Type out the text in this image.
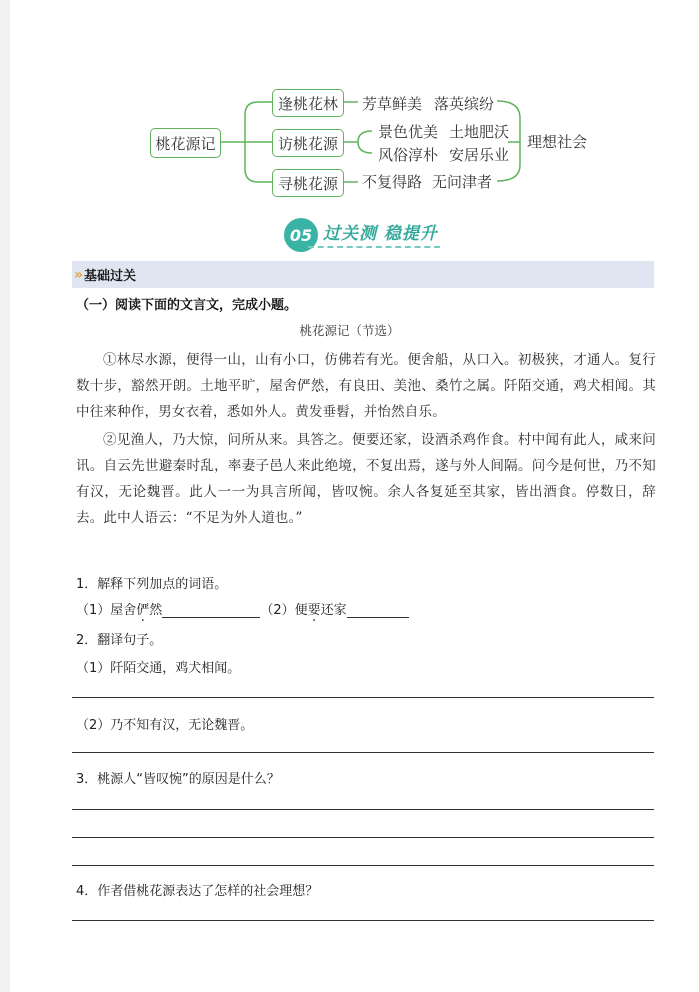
桃花源记
逢桃花林
访桃花源
寻桃花源
芳草鲜美 落英缤纷
景色优美 土地肥沃
风俗淳朴 安居乐业
不复得路 无问津者
理想社会
05 过关测 稳提升
» 基础过关
（一）阅读下面的文言文，完成小题。
桃花源记（节选）
①林尽水源，便得一山，山有小口，仿佛若有光。便舍船，从口入。初极狭，才通人。复行数十步，豁然开朗。土地平旷，屋舍俨然，有良田、美池、桑竹之属。阡陌交通，鸡犬相闻。其中往来种作，男女衣着，悉如外人。黄发垂髫，并怡然自乐。
②见渔人，乃大惊，问所从来。具答之。便要还家，设酒杀鸡作食。村中闻有此人，咸来问讯。自云先世避秦时乱，率妻子邑人来此绝境，不复出焉，遂与外人间隔。问今是何世，乃不知有汉，无论魏晋。此人一一为具言所闻，皆叹惋。余人各复延至其家，皆出酒食。停数日，辞去。此中人语云：“不足为外人道也。”
1．解释下列加点的词语。
（1）屋舍俨然	（2）便要还家
2．翻译句子。
（1）阡陌交通，鸡犬相闻。
（2）乃不知有汉，无论魏晋。
3．桃源人“皆叹惋”的原因是什么？
4．作者借桃花源表达了怎样的社会理想？
